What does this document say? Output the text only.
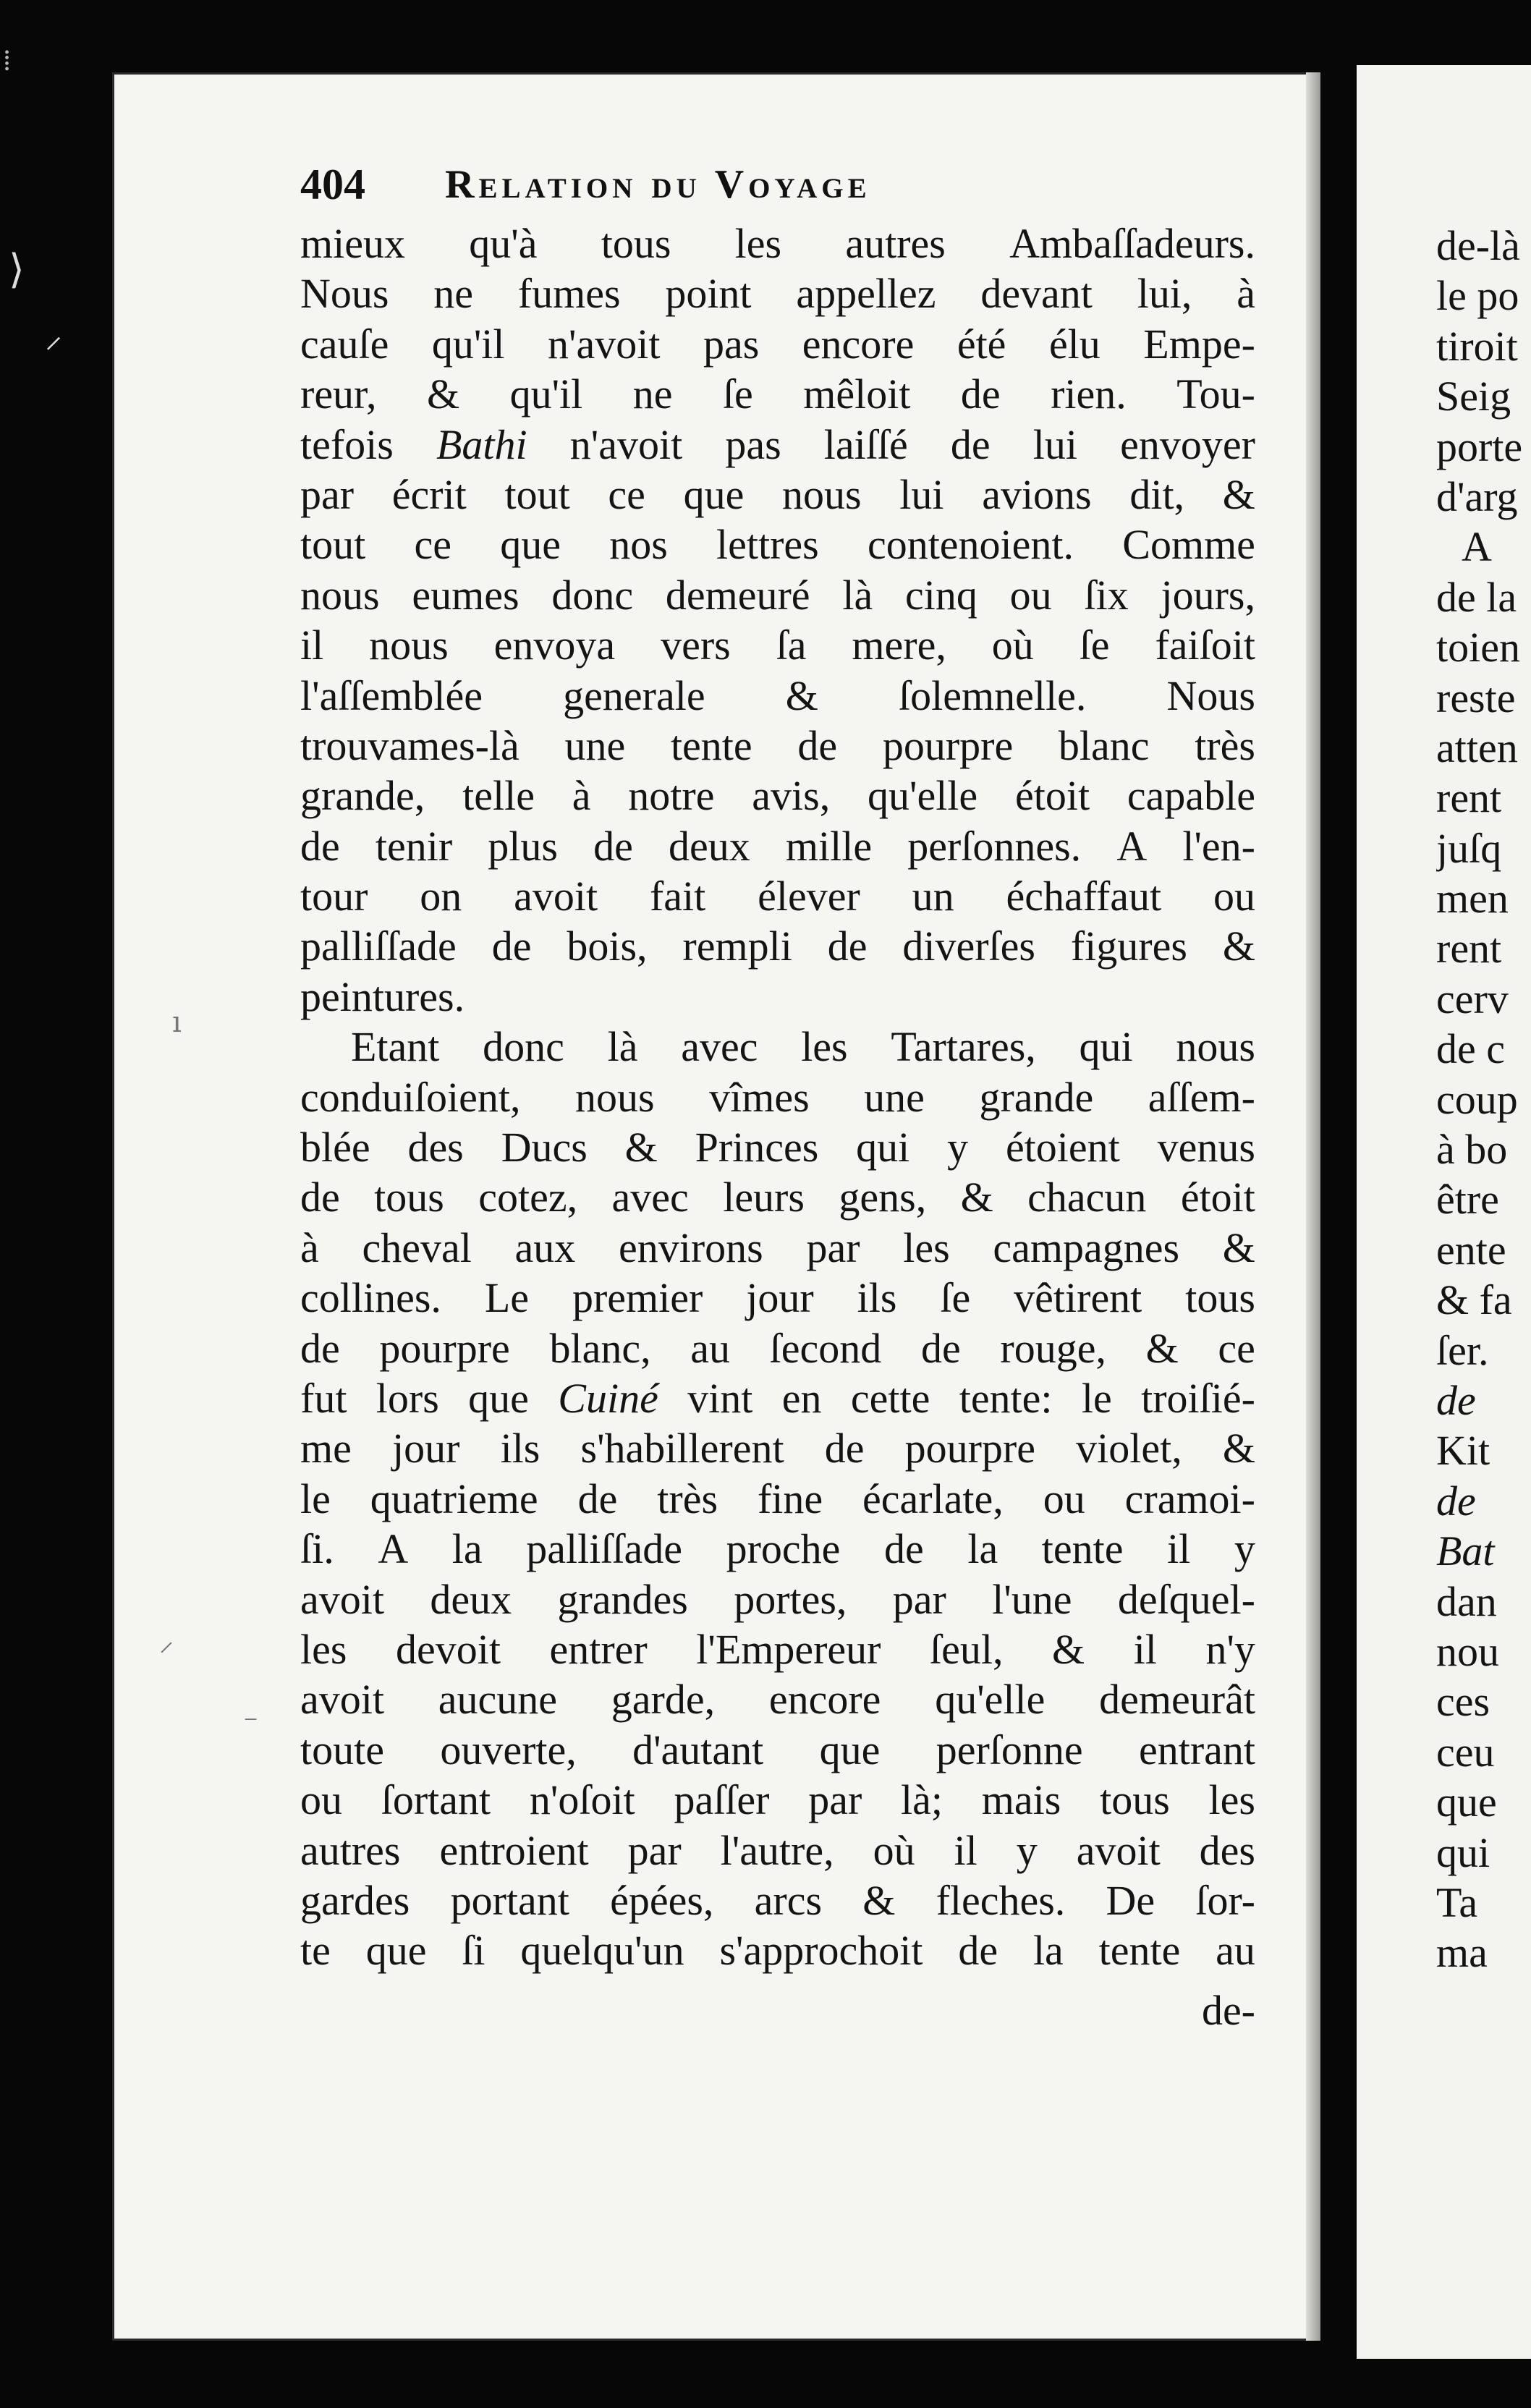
⁞
⟩
⸍
ı
⸍
⁻
404 Relation du Voyage
mieux qu'à tous les autres Ambaſſadeurs.
Nous ne fumes point appellez devant lui, à
cauſe qu'il n'avoit pas encore été élu Empe-
reur, & qu'il ne ſe mêloit de rien. Tou-
tefois Bathi n'avoit pas laiſſé de lui envoyer
par écrit tout ce que nous lui avions dit, &
tout ce que nos lettres contenoient. Comme
nous eumes donc demeuré là cinq ou ſix jours,
il nous envoya vers ſa mere, où ſe faiſoit
l'aſſemblée generale & ſolemnelle. Nous
trouvames-là une tente de pourpre blanc très
grande, telle à notre avis, qu'elle étoit capable
de tenir plus de deux mille perſonnes. A l'en-
tour on avoit fait élever un échaffaut ou
palliſſade de bois, rempli de diverſes figures &
peintures.
Etant donc là avec les Tartares, qui nous
conduiſoient, nous vîmes une grande aſſem-
blée des Ducs & Princes qui y étoient venus
de tous cotez, avec leurs gens, & chacun étoit
à cheval aux environs par les campagnes &
collines. Le premier jour ils ſe vêtirent tous
de pourpre blanc, au ſecond de rouge, & ce
fut lors que Cuiné vint en cette tente: le troiſié-
me jour ils s'habillerent de pourpre violet, &
le quatrieme de très fine écarlate, ou cramoi-
ſi. A la palliſſade proche de la tente il y
avoit deux grandes portes, par l'une deſquel-
les devoit entrer l'Empereur ſeul, & il n'y
avoit aucune garde, encore qu'elle demeurât
toute ouverte, d'autant que perſonne entrant
ou ſortant n'oſoit paſſer par là; mais tous les
autres entroient par l'autre, où il y avoit des
gardes portant épées, arcs & fleches. De ſor-
te que ſi quelqu'un s'approchoit de la tente au
de-
de-là
le po
tiroit
Seig
porte
d'arg
A
de la
toien
reste
atten
rent
juſq
men
rent
cerv
de c
coup
à bo
être
ente
& fa
ſer.
de
Kit
de
Bat
dan
nou
ces
ceu
que
qui
Ta
ma
